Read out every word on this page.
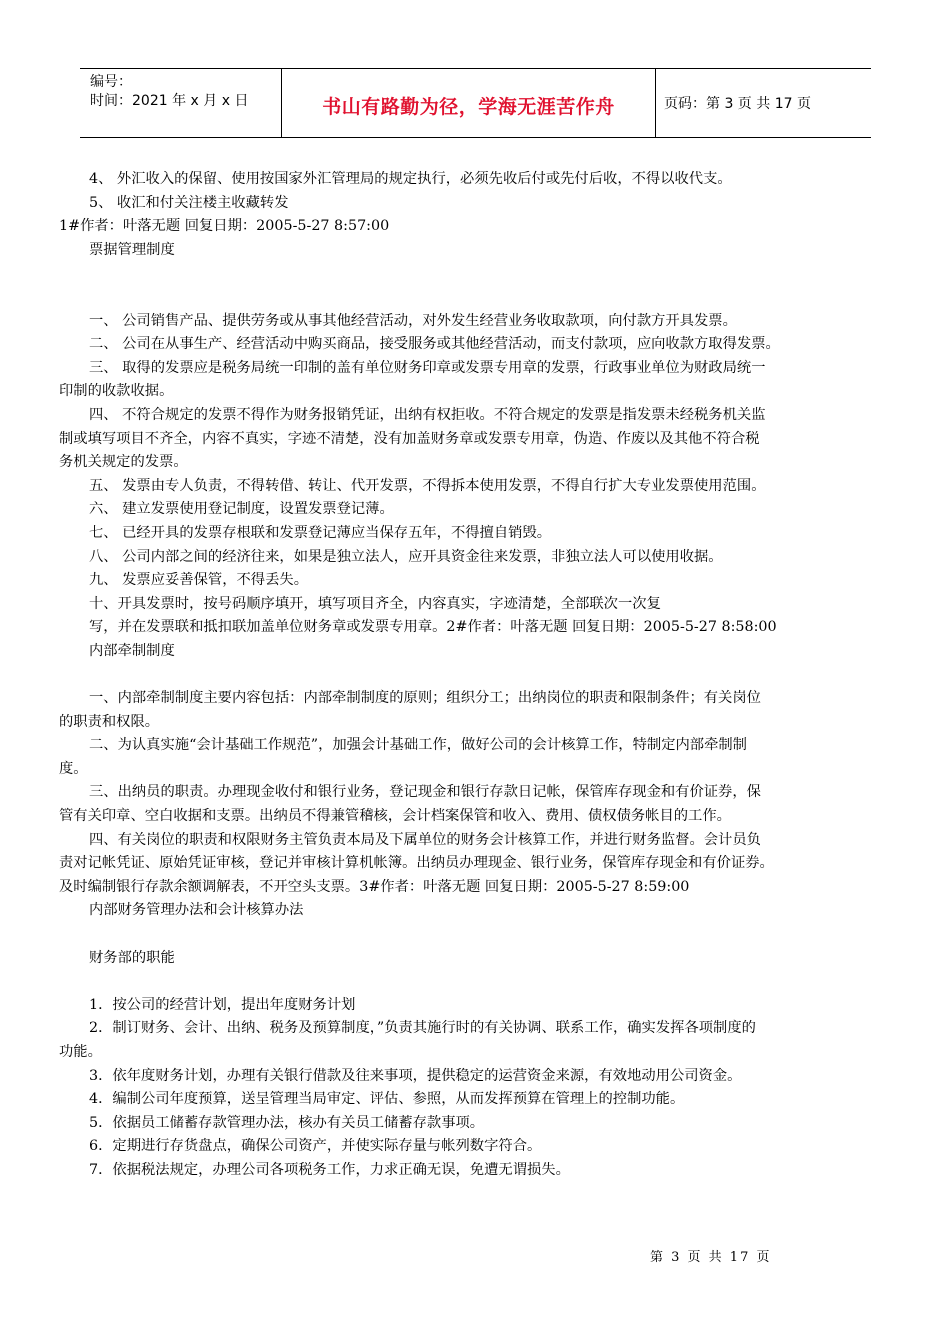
编号：
时间：2021 年 x 月 x 日	书山有路勤为径，学海无涯苦作舟	页码：第 3 页 共 17 页
4、 外汇收入的保留、使用按国家外汇管理局的规定执行，必须先收后付或先付后收，不得以收代支。
5、 收汇和付关注楼主收藏转发
1#作者：叶落无题 回复日期：2005-5-27 8:57:00
票据管理制度
一、 公司销售产品、提供劳务或从事其他经营活动，对外发生经营业务收取款项，向付款方开具发票。
二、 公司在从事生产、经营活动中购买商品，接受服务或其他经营活动，而支付款项，应向收款方取得发票。
三、 取得的发票应是税务局统一印制的盖有单位财务印章或发票专用章的发票，行政事业单位为财政局统一
印制的收款收据。
四、 不符合规定的发票不得作为财务报销凭证，出纳有权拒收。不符合规定的发票是指发票未经税务机关监
制或填写项目不齐全，内容不真实，字迹不清楚，没有加盖财务章或发票专用章，伪造、作废以及其他不符合税
务机关规定的发票。
五、 发票由专人负责，不得转借、转让、代开发票，不得拆本使用发票，不得自行扩大专业发票使用范围。
六、 建立发票使用登记制度，设置发票登记薄。
七、 已经开具的发票存根联和发票登记薄应当保存五年，不得擅自销毁。
八、 公司内部之间的经济往来，如果是独立法人，应开具资金往来发票，非独立法人可以使用收据。
九、 发票应妥善保管，不得丢失。
十、开具发票时，按号码顺序填开，填写项目齐全，内容真实，字迹清楚，全部联次一次复
写，并在发票联和抵扣联加盖单位财务章或发票专用章。2#作者：叶落无题 回复日期：2005-5-27 8:58:00
内部牵制制度
一、内部牵制制度主要内容包括：内部牵制制度的原则；组织分工；出纳岗位的职责和限制条件；有关岗位
的职责和权限。
二、为认真实施“会计基础工作规范”，加强会计基础工作，做好公司的会计核算工作，特制定内部牵制制
度。
三、出纳员的职责。办理现金收付和银行业务，登记现金和银行存款日记帐，保管库存现金和有价证券，保
管有关印章、空白收据和支票。出纳员不得兼管稽核，会计档案保管和收入、费用、债权债务帐目的工作。
四、有关岗位的职责和权限财务主管负责本局及下属单位的财务会计核算工作，并进行财务监督。会计员负
责对记帐凭证、原始凭证审核，登记并审核计算机帐簿。出纳员办理现金、银行业务，保管库存现金和有价证券。
及时编制银行存款余额调解表，不开空头支票。3#作者：叶落无题 回复日期：2005-5-27 8:59:00
内部财务管理办法和会计核算办法
财务部的职能
1．按公司的经营计划，提出年度财务计划
2．制订财务、会计、出纳、税务及预算制度，”负责其施行时的有关协调、联系工作，确实发挥各项制度的
功能。
3．依年度财务计划，办理有关银行借款及往来事项，提供稳定的运营资金来源，有效地动用公司资金。
4．编制公司年度预算，送呈管理当局审定、评估、参照，从而发挥预算在管理上的控制功能。
5．依据员工储蓄存款管理办法，核办有关员工储蓄存款事项。
6．定期进行存货盘点，确保公司资产，并使实际存量与帐列数字符合。
7．依据税法规定，办理公司各项税务工作，力求正确无误，免遭无谓损失。
第 3 页 共 17 页
